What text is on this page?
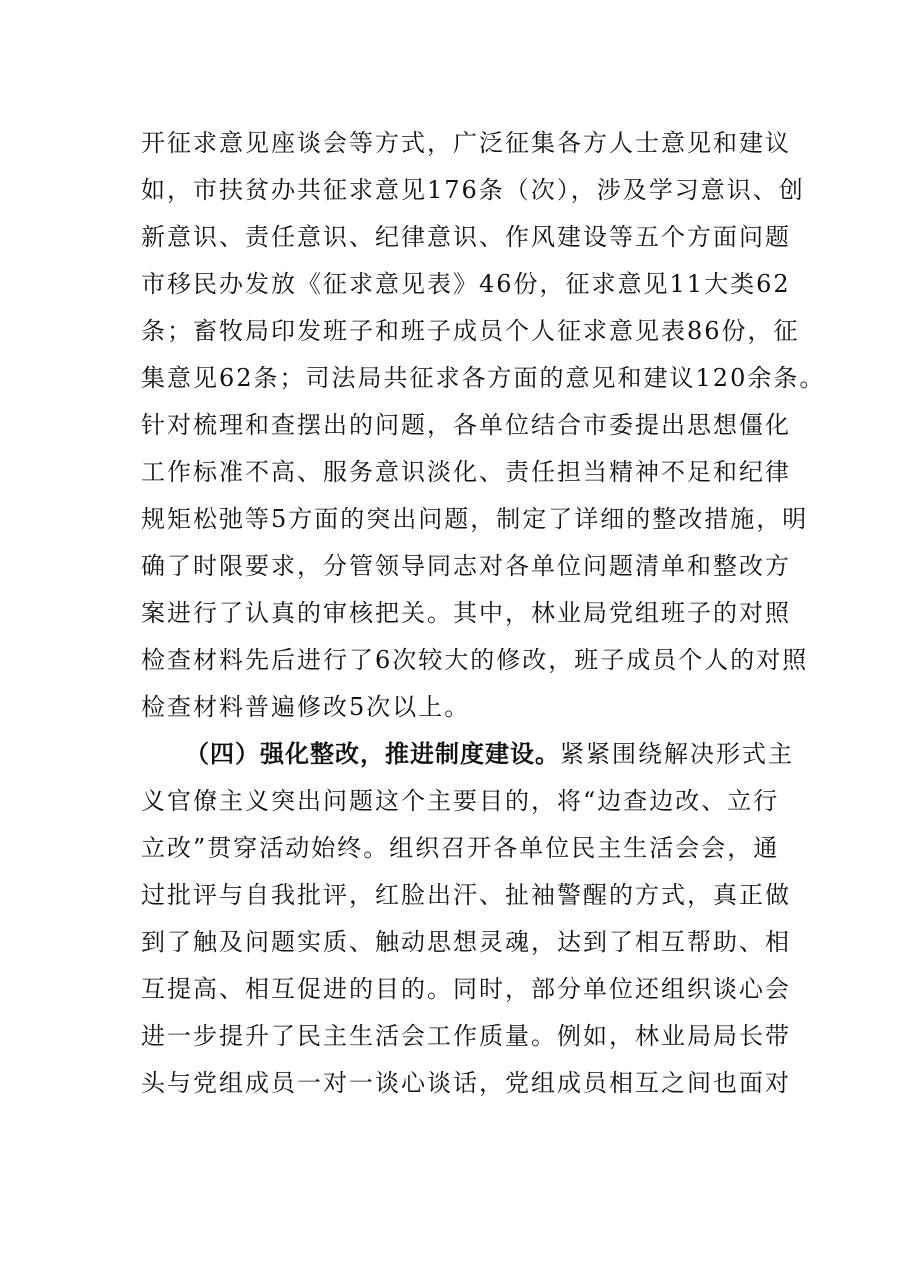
开征求意见座谈会等方式，广泛征集各方人士意见和建议
如，市扶贫办共征求意见176条（次），涉及学习意识、创
新意识、责任意识、纪律意识、作风建设等五个方面问题
市移民办发放《征求意见表》46份，征求意见11大类62
条；畜牧局印发班子和班子成员个人征求意见表86份，征
集意见62条；司法局共征求各方面的意见和建议120余条。
针对梳理和查摆出的问题，各单位结合市委提出思想僵化
工作标准不高、服务意识淡化、责任担当精神不足和纪律
规矩松弛等5方面的突出问题，制定了详细的整改措施，明
确了时限要求，分管领导同志对各单位问题清单和整改方
案进行了认真的审核把关。其中，林业局党组班子的对照
检查材料先后进行了6次较大的修改，班子成员个人的对照
检查材料普遍修改5次以上。
（四）强化整改，推进制度建设。紧紧围绕解决形式主
义官僚主义突出问题这个主要目的，将“边查边改、立行
立改”贯穿活动始终。组织召开各单位民主生活会会，通
过批评与自我批评，红脸出汗、扯袖警醒的方式，真正做
到了触及问题实质、触动思想灵魂，达到了相互帮助、相
互提高、相互促进的目的。同时，部分单位还组织谈心会
进一步提升了民主生活会工作质量。例如，林业局局长带
头与党组成员一对一谈心谈话，党组成员相互之间也面对
